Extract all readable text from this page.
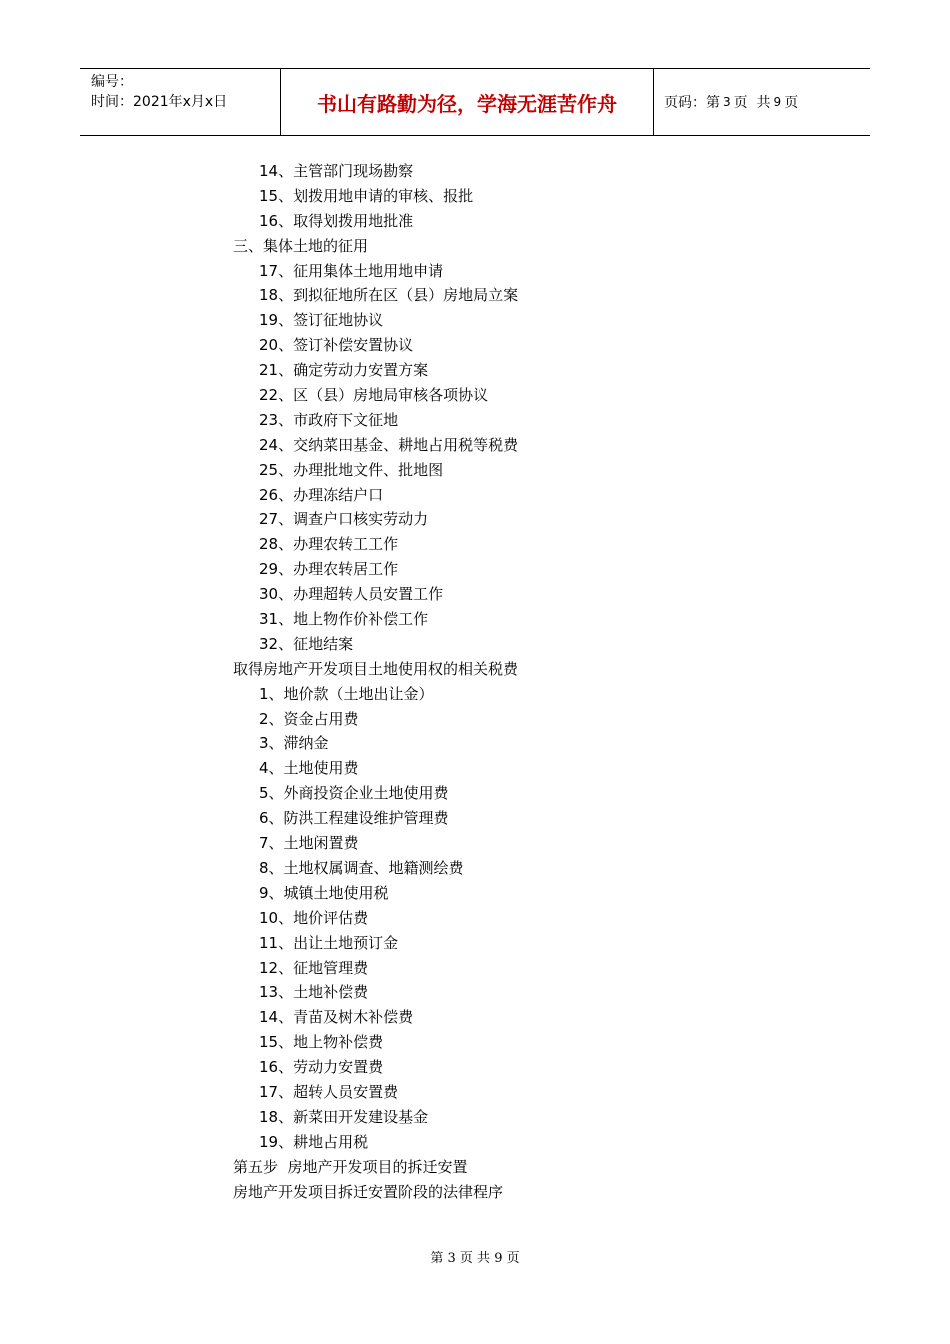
编号：
时间：2021年x月x日	书山有路勤为径，学海无涯苦作舟	页码：第 3 页  共 9 页
14、主管部门现场勘察
15、划拨用地申请的审核、报批
16、取得划拨用地批准
三、集体土地的征用
17、征用集体土地用地申请
18、到拟征地所在区（县）房地局立案
19、签订征地协议
20、签订补偿安置协议
21、确定劳动力安置方案
22、区（县）房地局审核各项协议
23、市政府下文征地
24、交纳菜田基金、耕地占用税等税费
25、办理批地文件、批地图
26、办理冻结户口
27、调查户口核实劳动力
28、办理农转工工作
29、办理农转居工作
30、办理超转人员安置工作
31、地上物作价补偿工作
32、征地结案
取得房地产开发项目土地使用权的相关税费
1、地价款（土地出让金）
2、资金占用费
3、滞纳金
4、土地使用费
5、外商投资企业土地使用费
6、防洪工程建设维护管理费
7、土地闲置费
8、土地权属调查、地籍测绘费
9、城镇土地使用税
10、地价评估费
11、出让土地预订金
12、征地管理费
13、土地补偿费
14、青苗及树木补偿费
15、地上物补偿费
16、劳动力安置费
17、超转人员安置费
18、新菜田开发建设基金
19、耕地占用税
第五步  房地产开发项目的拆迁安置
房地产开发项目拆迁安置阶段的法律程序
第 3 页 共 9 页
